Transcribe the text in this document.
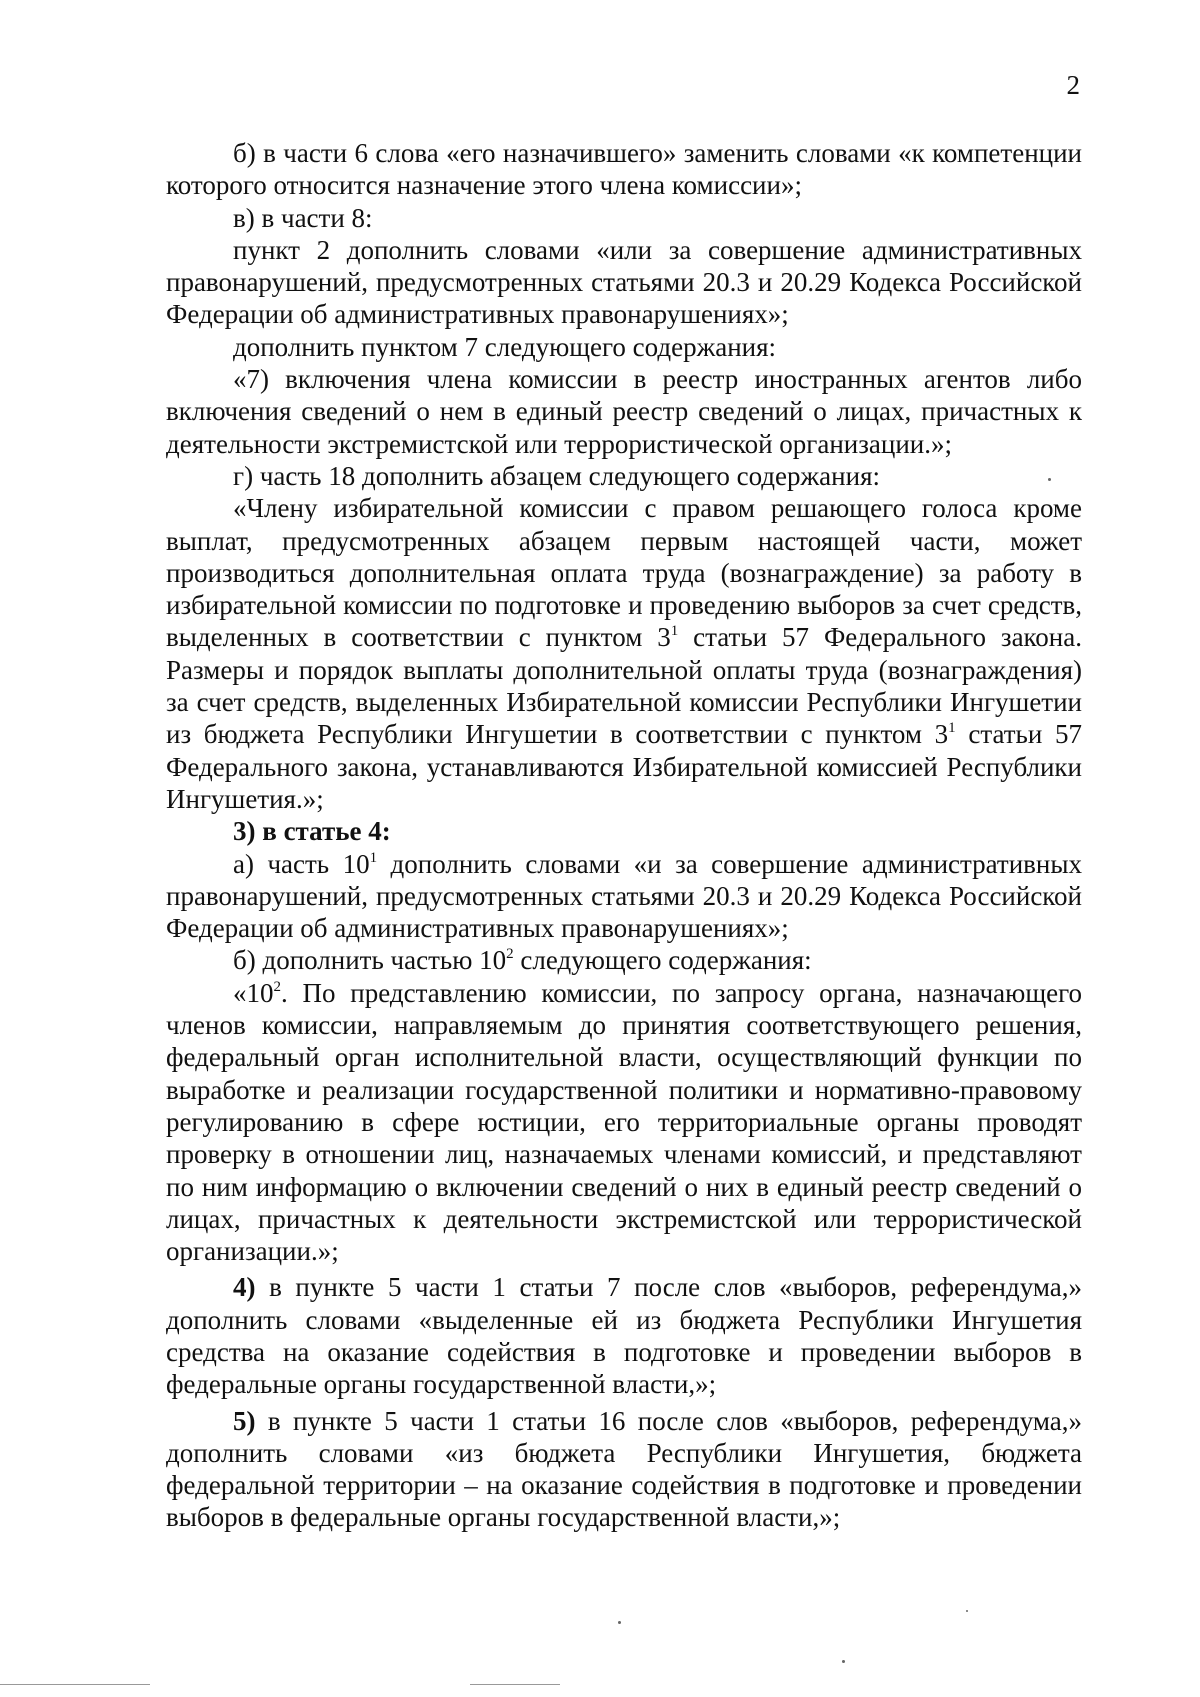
2

б) в части 6 слова «его назначившего» заменить словами «к компетенции которого относится назначение этого члена комиссии»;

в) в части 8:

пункт 2 дополнить словами «или за совершение административных правонарушений, предусмотренных статьями 20.3 и 20.29 Кодекса Российской Федерации об административных правонарушениях»;

дополнить пунктом 7 следующего содержания:

«7) включения члена комиссии в реестр иностранных агентов либо включения сведений о нем в единый реестр сведений о лицах, причастных к деятельности экстремистской или террористической организации.»;

г) часть 18 дополнить абзацем следующего содержания:

«Члену избирательной комиссии с правом решающего голоса кроме выплат, предусмотренных абзацем первым настоящей части, может производиться дополнительная оплата труда (вознаграждение) за работу в избирательной комиссии по подготовке и проведению выборов за счет средств, выделенных в соответствии с пунктом $3^1$ статьи 57 Федерального закона. Размеры и порядок выплаты дополнительной оплаты труда (вознаграждения) за счет средств, выделенных Избирательной комиссии Республики Ингушетии из бюджета Республики Ингушетии в соответствии с пунктом $3^1$ статьи 57 Федерального закона, устанавливаются Избирательной комиссией Республики Ингушетия.»;

3) в статье 4:

а) часть $10^1$ дополнить словами «и за совершение административных правонарушений, предусмотренных статьями 20.3 и 20.29 Кодекса Российской Федерации об административных правонарушениях»;

б) дополнить частью $10^2$ следующего содержания:

«$10^2$. По представлению комиссии, по запросу органа, назначающего членов комиссии, направляемым до принятия соответствующего решения, федеральный орган исполнительной власти, осуществляющий функции по выработке и реализации государственной политики и нормативно-правовому регулированию в сфере юстиции, его территориальные органы проводят проверку в отношении лиц, назначаемых членами комиссий, и представляют по ним информацию о включении сведений о них в единый реестр сведений о лицах, причастных к деятельности экстремистской или террористической организации.»;

4) в пункте 5 части 1 статьи 7 после слов «выборов, референдума,» дополнить словами «выделенные ей из бюджета Республики Ингушетия средства на оказание содействия в подготовке и проведении выборов в федеральные органы государственной власти,»;

5) в пункте 5 части 1 статьи 16 после слов «выборов, референдума,» дополнить словами «из бюджета Республики Ингушетия, бюджета федеральной территории – на оказание содействия в подготовке и проведении выборов в федеральные органы государственной власти,»;
